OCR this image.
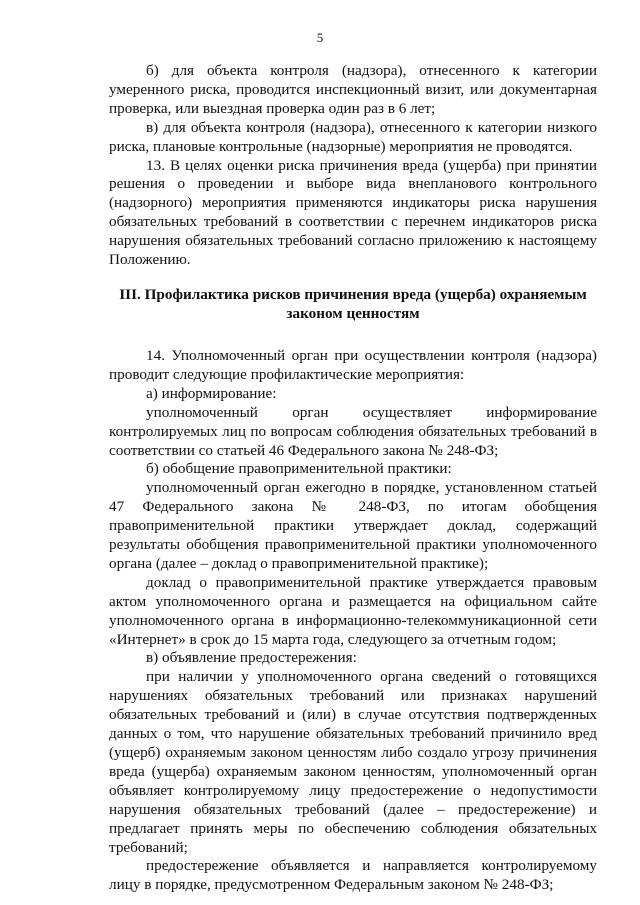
5

б) для объекта контроля (надзора), отнесенного к категории умеренного риска, проводится инспекционный визит, или документарная проверка, или выездная проверка один раз в 6 лет;

в) для объекта контроля (надзора), отнесенного к категории низкого риска, плановые контрольные (надзорные) мероприятия не проводятся.

13. В целях оценки риска причинения вреда (ущерба) при принятии решения о проведении и выборе вида внепланового контрольного (надзорного) мероприятия применяются индикаторы риска нарушения обязательных требований в соответствии с перечнем индикаторов риска нарушения обязательных требований согласно приложению к настоящему Положению.

III. Профилактика рисков причинения вреда (ущерба) охраняемым
законом ценностям

14. Уполномоченный орган при осуществлении контроля (надзора) проводит следующие профилактические мероприятия:

а) информирование:

уполномоченный орган осуществляет информирование контролируемых лиц по вопросам соблюдения обязательных требований в соответствии со статьей 46 Федерального закона № 248-ФЗ;

б) обобщение правоприменительной практики:

уполномоченный орган ежегодно в порядке, установленном статьей 47 Федерального закона № 248-ФЗ, по итогам обобщения правоприменительной практики утверждает доклад, содержащий результаты обобщения правоприменительной практики уполномоченного органа (далее – доклад о правоприменительной практике);

доклад о правоприменительной практике утверждается правовым актом уполномоченного органа и размещается на официальном сайте уполномоченного органа в информационно-телекоммуникационной сети «Интернет» в срок до 15 марта года, следующего за отчетным годом;

в) объявление предостережения:

при наличии у уполномоченного органа сведений о готовящихся нарушениях обязательных требований или признаках нарушений обязательных требований и (или) в случае отсутствия подтвержденных данных о том, что нарушение обязательных требований причинило вред (ущерб) охраняемым законом ценностям либо создало угрозу причинения вреда (ущерба) охраняемым законом ценностям, уполномоченный орган объявляет контролируемому лицу предостережение о недопустимости нарушения обязательных требований (далее – предостережение) и предлагает принять меры по обеспечению соблюдения обязательных требований;

предостережение объявляется и направляется контролируемому лицу в порядке, предусмотренном Федеральным законом № 248-ФЗ;
